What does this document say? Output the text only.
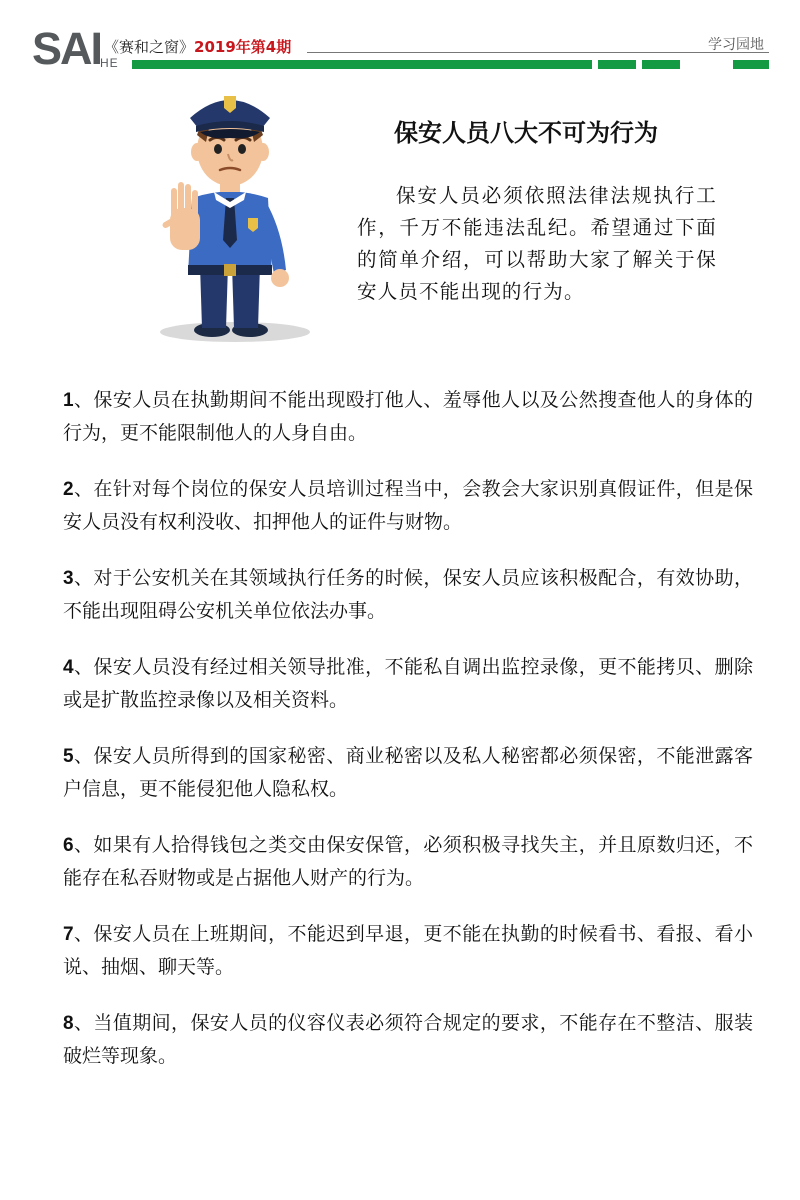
SAI
HE
《赛和之窗》2019年第4期	学习园地
保安人员八大不可为行为

保安人员必须依照法律法规执行工作，千万不能违法乱纪。希望通过下面的简单介绍，可以帮助大家了解关于保安人员不能出现的行为。

1、保安人员在执勤期间不能出现殴打他人、羞辱他人以及公然搜查他人的身体的行为，更不能限制他人的人身自由。
2、在针对每个岗位的保安人员培训过程当中，会教会大家识别真假证件，但是保安人员没有权利没收、扣押他人的证件与财物。
3、对于公安机关在其领域执行任务的时候，保安人员应该积极配合，有效协助，不能出现阻碍公安机关单位依法办事。
4、保安人员没有经过相关领导批准，不能私自调出监控录像，更不能拷贝、删除或是扩散监控录像以及相关资料。
5、保安人员所得到的国家秘密、商业秘密以及私人秘密都必须保密，不能泄露客户信息，更不能侵犯他人隐私权。
6、如果有人拾得钱包之类交由保安保管，必须积极寻找失主，并且原数归还，不能存在私吞财物或是占据他人财产的行为。
7、保安人员在上班期间，不能迟到早退，更不能在执勤的时候看书、看报、看小说、抽烟、聊天等。
8、当值期间，保安人员的仪容仪表必须符合规定的要求，不能存在不整洁、服装破烂等现象。
